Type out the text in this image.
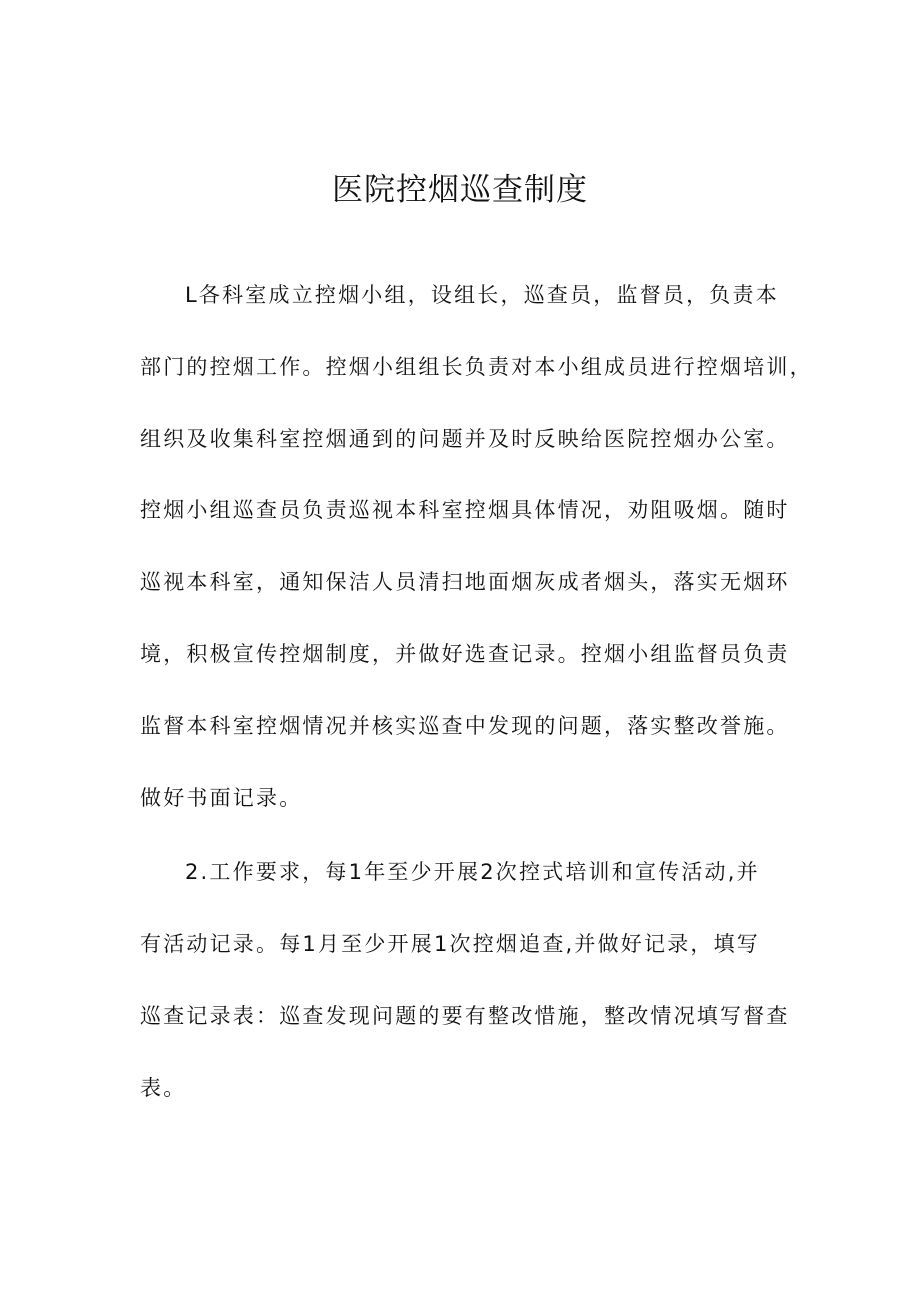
医院控烟巡查制度
L各科室成立控烟小组，设组长，巡查员，监督员，负责本
部门的控烟工作。控烟小组组长负责对本小组成员进行控烟培训，
组织及收集科室控烟通到的问题并及时反映给医院控烟办公室。
控烟小组巡查员负责巡视本科室控烟具体情况，劝阻吸烟。随时
巡视本科室，通知保洁人员清扫地面烟灰成者烟头，落实无烟环
境，积极宣传控烟制度，并做好选查记录。控烟小组监督员负责
监督本科室控烟情况并核实巡查中发现的问题，落实整改誉施。
做好书面记录。
2.工作要求，每1年至少开展2次控式培训和宣传活动,并
有活动记录。每1月至少开展1次控烟追查,并做好记录，填写
巡查记录表：巡查发现问题的要有整改惜施，整改情况填写督查
表。
